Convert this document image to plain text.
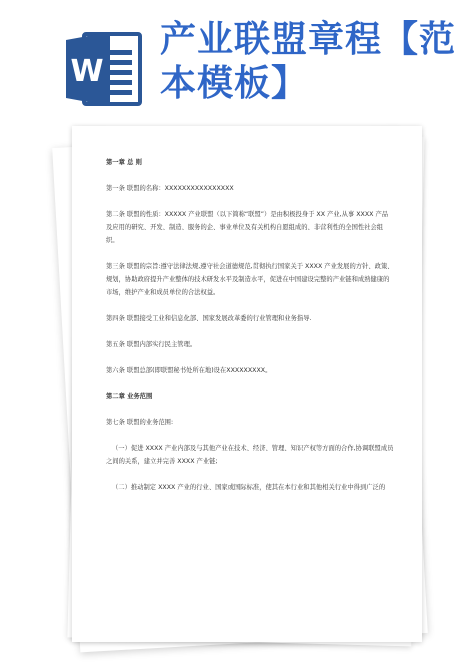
W
产业联盟章程【范本模板】

第一章 总 则

第一条 联盟的名称：XXXXXXXXXXXXXXXX

第二条 联盟的性质：XXXXX 产业联盟（以下简称“联盟”）是由积极投身于 XX 产业,从事 XXXX 产品及应用的研究、开发、制造、服务的企、事业单位及有关机构自愿组成的、非营利性的全国性社会组织。

第三条 联盟的宗旨:遵守法律法规,遵守社会道德规范,贯彻执行国家关于 XXXX 产业发展的方针、政策、规划，协助政府提升产业整体的技术研发水平及制造水平，促进在中国建设完整的产业链和成熟健康的市场，维护产业和成员单位的合法权益。

第四条 联盟接受工业和信息化部、国家发展改革委的行业管理和业务指导.

第五条 联盟内部实行民主管理。

第六条 联盟总部(即联盟秘书处所在地)设在XXXXXXXXX。

第二章 业务范围

第七条 联盟的业务范围:

（一）促进 XXXX 产业内部及与其他产业在技术、经济、管理、知识产权等方面的合作,协调联盟成员之间的关系，建立并完善 XXXX 产业链;

（二）推动制定 XXXX 产业的行业、国家或国际标准，使其在本行业和其他相关行业中得到广泛的
